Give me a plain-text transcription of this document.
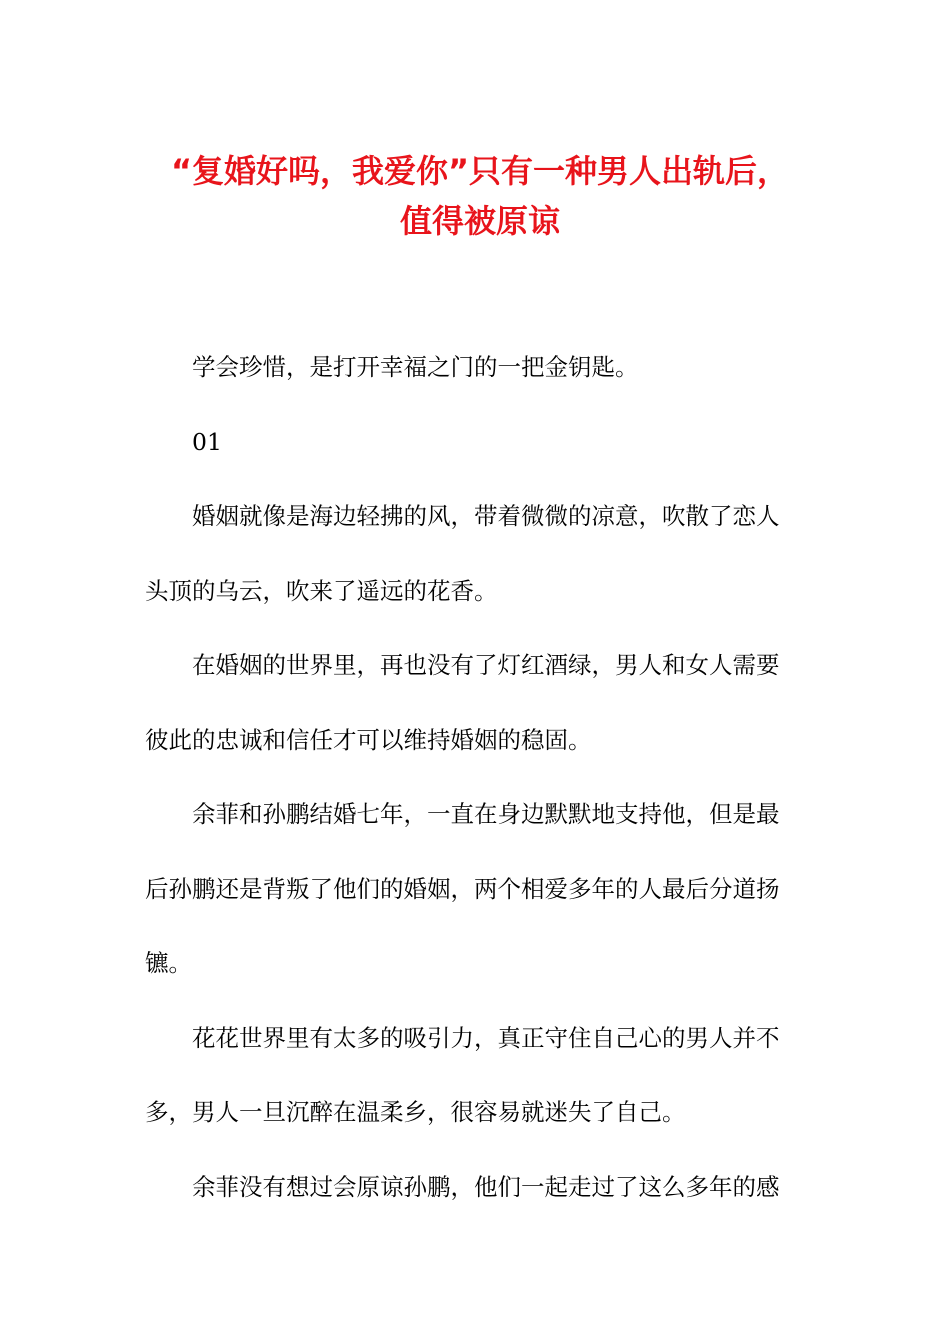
“复婚好吗，我爱你”只有一种男人出轨后，
值得被原谅

学会珍惜，是打开幸福之门的一把金钥匙。

01

婚姻就像是海边轻拂的风，带着微微的凉意，吹散了恋人
头顶的乌云，吹来了遥远的花香。

在婚姻的世界里，再也没有了灯红酒绿，男人和女人需要
彼此的忠诚和信任才可以维持婚姻的稳固。

余菲和孙鹏结婚七年，一直在身边默默地支持他，但是最
后孙鹏还是背叛了他们的婚姻，两个相爱多年的人最后分道扬
镳。

花花世界里有太多的吸引力，真正守住自己心的男人并不
多，男人一旦沉醉在温柔乡，很容易就迷失了自己。

余菲没有想过会原谅孙鹏，他们一起走过了这么多年的感
